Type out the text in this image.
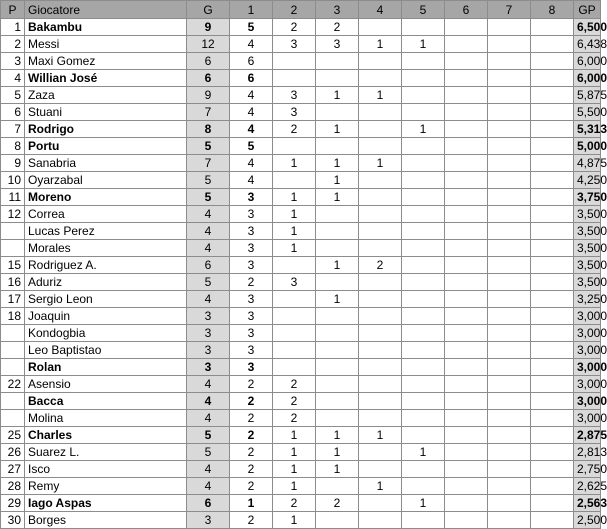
P	Giocatore	G	1	2	3	4	5	6	7	8	GP
1	Bakambu	9	5	2	2						6,500
2	Messi	12	4	3	3	1	1				6,438
3	Maxi Gomez	6	6								6,000
4	Willian José	6	6								6,000
5	Zaza	9	4	3	1	1					5,875
6	Stuani	7	4	3							5,500
7	Rodrigo	8	4	2	1		1				5,313
8	Portu	5	5								5,000
9	Sanabria	7	4	1	1	1					4,875
10	Oyarzabal	5	4		1						4,250
11	Moreno	5	3	1	1						3,750
12	Correa	4	3	1							3,500
	Lucas Perez	4	3	1							3,500
	Morales	4	3	1							3,500
15	Rodriguez A.	6	3		1	2					3,500
16	Aduriz	5	2	3							3,500
17	Sergio Leon	4	3		1						3,250
18	Joaquin	3	3								3,000
	Kondogbia	3	3								3,000
	Leo Baptistao	3	3								3,000
	Rolan	3	3								3,000
22	Asensio	4	2	2							3,000
	Bacca	4	2	2							3,000
	Molina	4	2	2							3,000
25	Charles	5	2	1	1	1					2,875
26	Suarez L.	5	2	1	1		1				2,813
27	Isco	4	2	1	1						2,750
28	Remy	4	2	1		1					2,625
29	Iago Aspas	6	1	2	2		1				2,563
30	Borges	3	2	1							2,500
